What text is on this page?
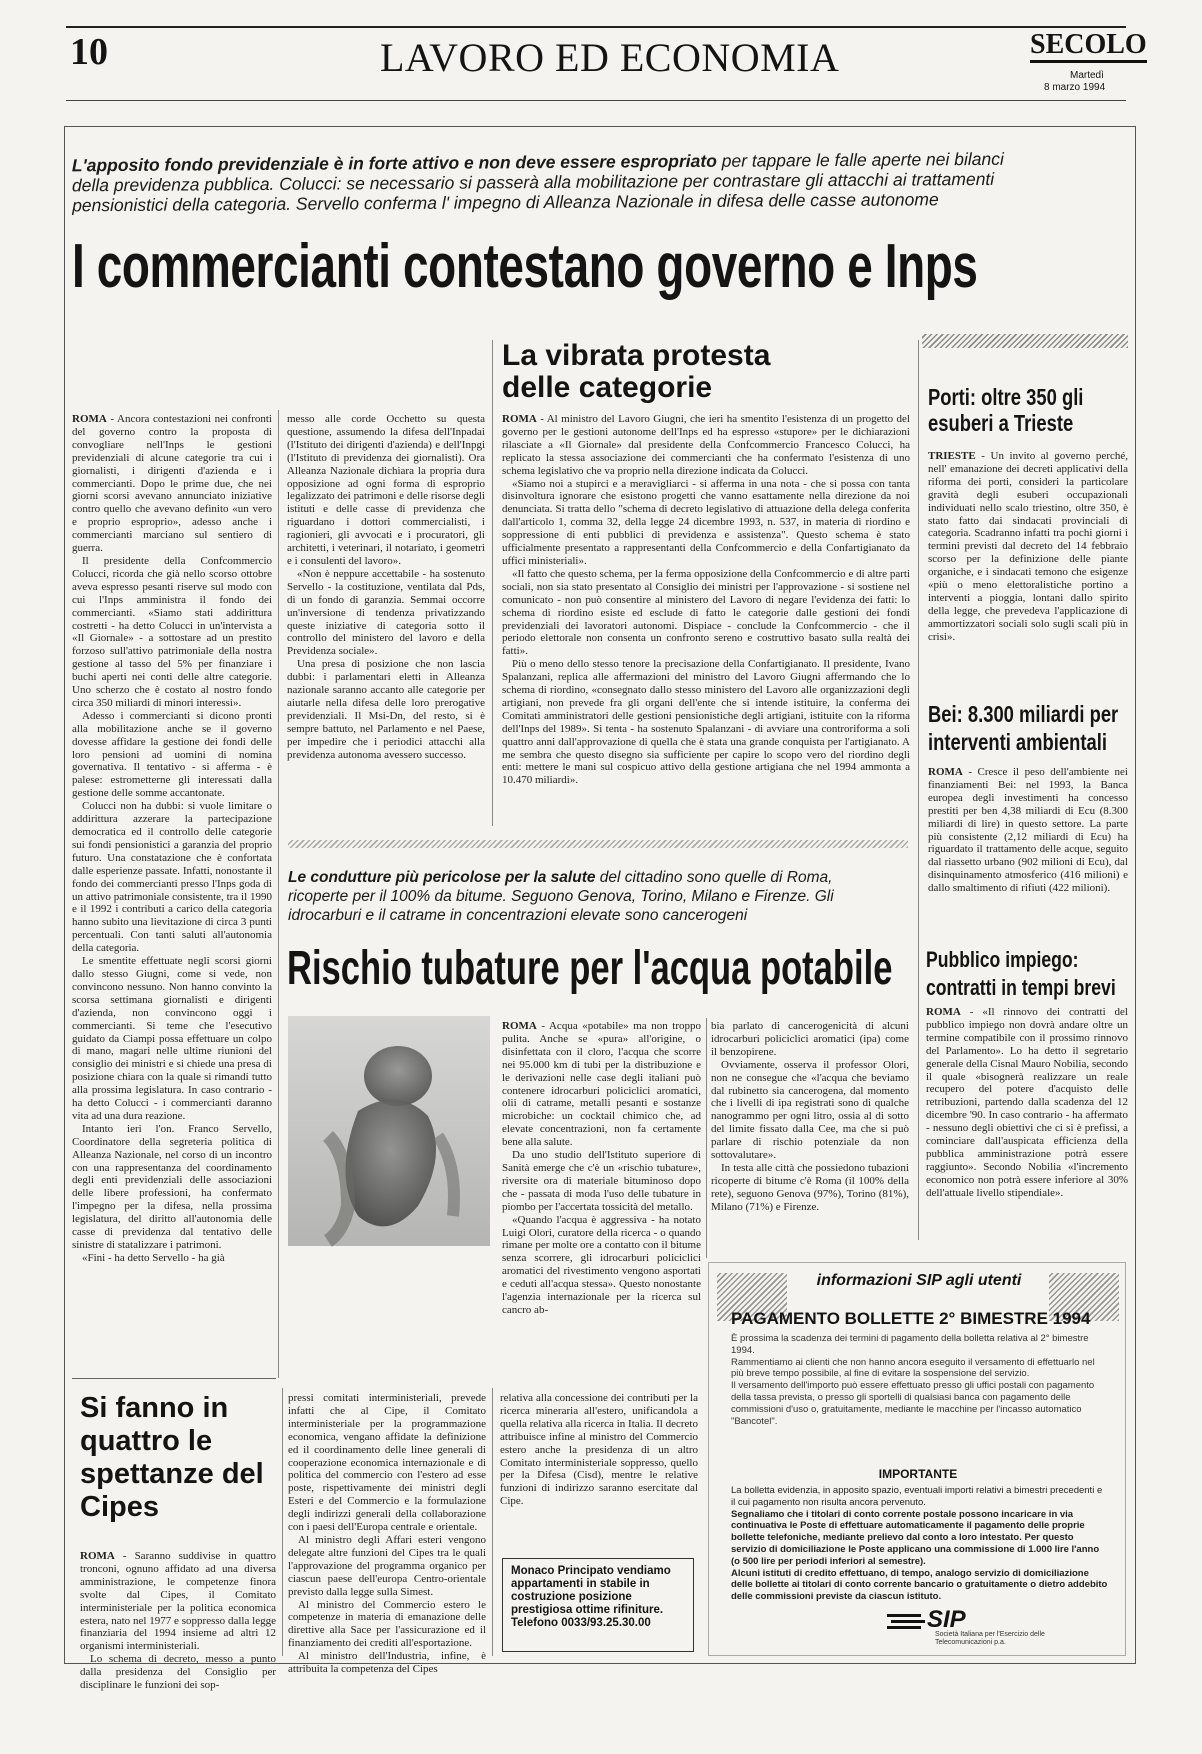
10	LAVORO ED ECONOMIA	SECOLO
Martedì
8 marzo 1994
L'apposito fondo previdenziale è in forte attivo e non deve essere espropriato per tappare le falle aperte nei bilanci della previdenza pubblica. Colucci: se necessario si passerà alla mobilitazione per contrastare gli attacchi ai trattamenti pensionistici della categoria. Servello conferma l' impegno di Alleanza Nazionale in difesa delle casse autonome
I commercianti contestano governo e Inps

ROMA - Ancora contestazioni nei confronti del governo contro la proposta di convogliare nell'Inps le gestioni previdenziali di alcune categorie tra cui i giornalisti, i dirigenti d'azienda e i commercianti. Dopo le prime due, che nei giorni scorsi avevano annunciato iniziative contro quello che avevano definito «un vero e proprio esproprio», adesso anche i commercianti marciano sul sentiero di guerra.

Il presidente della Confcommercio Colucci, ricorda che già nello scorso ottobre aveva espresso pesanti riserve sul modo con cui l'Inps amministra il fondo dei commercianti. «Siamo stati addirittura costretti - ha detto Colucci in un'intervista a «Il Giornale» - a sottostare ad un prestito forzoso sull'attivo patrimoniale della nostra gestione al tasso del 5% per finanziare i buchi aperti nei conti delle altre categorie. Uno scherzo che è costato al nostro fondo circa 350 miliardi di minori interessi».

Adesso i commercianti si dicono pronti alla mobilitazione anche se il governo dovesse affidare la gestione dei fondi delle loro pensioni ad uomini di nomina governativa. Il tentativo - si afferma - è palese: estrometterne gli interessati dalla gestione delle somme accantonate.

Colucci non ha dubbi: si vuole limitare o addirittura azzerare la partecipazione democratica ed il controllo delle categorie sui fondi pensionistici a garanzia del proprio futuro. Una constatazione che è confortata dalle esperienze passate. Infatti, nonostante il fondo dei commercianti presso l'Inps goda di un attivo patrimoniale consistente, tra il 1990 e il 1992 i contributi a carico della categoria hanno subito una lievitazione di circa 3 punti percentuali. Con tanti saluti all'autonomia della categoria.

Le smentite effettuate negli scorsi giorni dallo stesso Giugni, come si vede, non convincono nessuno. Non hanno convinto la scorsa settimana giornalisti e dirigenti d'azienda, non convincono oggi i commercianti. Si teme che l'esecutivo guidato da Ciampi possa effettuare un colpo di mano, magari nelle ultime riunioni del consiglio dei ministri e si chiede una presa di posizione chiara con la quale si rimandi tutto alla prossima legislatura. In caso contrario - ha detto Colucci - i commercianti daranno vita ad una dura reazione.

Intanto ieri l'on. Franco Servello, Coordinatore della segreteria politica di Alleanza Nazionale, nel corso di un incontro con una rappresentanza del coordinamento degli enti previdenziali delle associazioni delle libere professioni, ha confermato l'impegno per la difesa, nella prossima legislatura, del diritto all'autonomia delle casse di previdenza dal tentativo delle sinistre di statalizzare i patrimoni.

«Fini - ha detto Servello - ha già

messo alle corde Occhetto su questa questione, assumendo la difesa dell'Inpadai (l'Istituto dei dirigenti d'azienda) e dell'Inpgi (l'Istituto di previdenza dei giornalisti). Ora Alleanza Nazionale dichiara la propria dura opposizione ad ogni forma di esproprio legalizzato dei patrimoni e delle risorse degli istituti e delle casse di previdenza che riguardano i dottori commercialisti, i ragionieri, gli avvocati e i procuratori, gli architetti, i veterinari, il notariato, i geometri e i consulenti del lavoro».

«Non è neppure accettabile - ha sostenuto Servello - la costituzione, ventilata dal Pds, di un fondo di garanzia. Semmai occorre un'inversione di tendenza privatizzando queste iniziative di categoria sotto il controllo del ministero del lavoro e della Previdenza sociale».

Una presa di posizione che non lascia dubbi: i parlamentari eletti in Alleanza nazionale saranno accanto alle categorie per aiutarle nella difesa delle loro prerogative previdenziali. Il Msi-Dn, del resto, si è sempre battuto, nel Parlamento e nel Paese, per impedire che i periodici attacchi alla previdenza autonoma avessero successo.

La vibrata protesta delle categorie

ROMA - Al ministro del Lavoro Giugni, che ieri ha smentito l'esistenza di un progetto del governo per le gestioni autonome dell'Inps ed ha espresso «stupore» per le dichiarazioni rilasciate a «Il Giornale» dal presidente della Confcommercio Francesco Colucci, ha replicato la stessa associazione dei commercianti che ha confermato l'esistenza di uno schema legislativo che va proprio nella direzione indicata da Colucci.

«Siamo noi a stupirci e a meravigliarci - si afferma in una nota - che si possa con tanta disinvoltura ignorare che esistono progetti che vanno esattamente nella direzione da noi denunciata. Si tratta dello "schema di decreto legislativo di attuazione della delega conferita dall'articolo 1, comma 32, della legge 24 dicembre 1993, n. 537, in materia di riordino e soppressione di enti pubblici di previdenza e assistenza". Questo schema è stato ufficialmente presentato a rappresentanti della Confcommercio e della Confartigianato da uffici ministeriali».

«Il fatto che questo schema, per la ferma opposizione della Confcommercio e di altre parti sociali, non sia stato presentato al Consiglio dei ministri per l'approvazione - si sostiene nel comunicato - non può consentire al ministero del Lavoro di negare l'evidenza dei fatti: lo schema di riordino esiste ed esclude di fatto le categorie dalle gestioni dei fondi previdenziali dei lavoratori autonomi. Dispiace - conclude la Confcommercio - che il periodo elettorale non consenta un confronto sereno e costruttivo basato sulla realtà dei fatti».

Più o meno dello stesso tenore la precisazione della Confartigianato. Il presidente, Ivano Spalanzani, replica alle affermazioni del ministro del Lavoro Giugni affermando che lo schema di riordino, «consegnato dallo stesso ministero del Lavoro alle organizzazioni degli artigiani, non prevede fra gli organi dell'ente che si intende istituire, la conferma dei Comitati amministratori delle gestioni pensionistiche degli artigiani, istituite con la riforma dell'Inps del 1989». Si tenta - ha sostenuto Spalanzani - di avviare una controriforma a soli quattro anni dall'approvazione di quella che è stata una grande conquista per l'artigianato. A me sembra che questo disegno sia sufficiente per capire lo scopo vero del riordino degli enti: mettere le mani sul cospicuo attivo della gestione artigiana che nel 1994 ammonta a 10.470 miliardi».

Porti: oltre 350 gli esuberi a Trieste

TRIESTE - Un invito al governo perché, nell' emanazione dei decreti applicativi della riforma dei porti, consideri la particolare gravità degli esuberi occupazionali individuati nello scalo triestino, oltre 350, è stato fatto dai sindacati provinciali di categoria. Scadranno infatti tra pochi giorni i termini previsti dal decreto del 14 febbraio scorso per la definizione delle piante organiche, e i sindacati temono che esigenze «più o meno elettoralistiche portino a interventi a pioggia, lontani dallo spirito della legge, che prevedeva l'applicazione di ammortizzatori sociali solo sugli scali più in crisi».

Bei: 8.300 miliardi per interventi ambientali

ROMA - Cresce il peso dell'ambiente nei finanziamenti Bei: nel 1993, la Banca europea degli investimenti ha concesso prestiti per ben 4,38 miliardi di Ecu (8.300 miliardi di lire) in questo settore. La parte più consistente (2,12 miliardi di Ecu) ha riguardato il trattamento delle acque, seguito dal riassetto urbano (902 milioni di Ecu), dal disinquinamento atmosferico (416 milioni) e dallo smaltimento di rifiuti (422 milioni).

Pubblico impiego: contratti in tempi brevi

ROMA - «Il rinnovo dei contratti del pubblico impiego non dovrà andare oltre un termine compatibile con il prossimo rinnovo del Parlamento». Lo ha detto il segretario generale della Cisnal Mauro Nobilia, secondo il quale «bisognerà realizzare un reale recupero del potere d'acquisto delle retribuzioni, partendo dalla scadenza del 12 dicembre '90. In caso contrario - ha affermato - nessuno degli obiettivi che ci si è prefissi, a cominciare dall'auspicata efficienza della pubblica amministrazione potrà essere raggiunto». Secondo Nobilia «l'incremento economico non potrà essere inferiore al 30% dell'attuale livello stipendiale».

Le condutture più pericolose per la salute del cittadino sono quelle di Roma, ricoperte per il 100% da bitume. Seguono Genova, Torino, Milano e Firenze. Gli idrocarburi e il catrame in concentrazioni elevate sono cancerogeni
Rischio tubature per l'acqua potabile

ROMA - Acqua «potabile» ma non troppo pulita. Anche se «pura» all'origine, o disinfettata con il cloro, l'acqua che scorre nei 95.000 km di tubi per la distribuzione e le derivazioni nelle case degli italiani può contenere idrocarburi policiclici aromatici, olii di catrame, metalli pesanti e sostanze microbiche: un cocktail chimico che, ad elevate concentrazioni, non fa certamente bene alla salute.

Da uno studio dell'Istituto superiore di Sanità emerge che c'è un «rischio tubature», riversite ora di materiale bituminoso dopo che - passata di moda l'uso delle tubature in piombo per l'accertata tossicità del metallo.

«Quando l'acqua è aggressiva - ha notato Luigi Olori, curatore della ricerca - o quando rimane per molte ore a contatto con il bitume senza scorrere, gli idrocarburi policiclici aromatici del rivestimento vengono asportati e ceduti all'acqua stessa». Questo nonostante l'agenzia internazionale per la ricerca sul cancro ab-

bia parlato di cancerogenicità di alcuni idrocarburi policiclici aromatici (ipa) come il benzopirene.

Ovviamente, osserva il professor Olori, non ne consegue che «l'acqua che beviamo dal rubinetto sia cancerogena, dal momento che i livelli di ipa registrati sono di qualche nanogrammo per ogni litro, ossia al di sotto del limite fissato dalla Cee, ma che si può parlare di rischio potenziale da non sottovalutare».

In testa alle città che possiedono tubazioni ricoperte di bitume c'è Roma (il 100% della rete), seguono Genova (97%), Torino (81%), Milano (71%) e Firenze.

informazioni SIP agli utenti
PAGAMENTO BOLLETTE 2° BIMESTRE 1994
È prossima la scadenza dei termini di pagamento della bolletta relativa al 2° bimestre 1994.
Rammentiamo ai clienti che non hanno ancora eseguito il versamento di effettuarlo nel più breve tempo possibile, al fine di evitare la sospensione del servizio.
Il versamento dell'importo può essere effettuato presso gli uffici postali con pagamento della tassa prevista, o presso gli sportelli di qualsiasi banca con pagamento delle commissioni d'uso o, gratuitamente, mediante le macchine per l'incasso automatico "Bancotel".
IMPORTANTE
La bolletta evidenzia, in apposito spazio, eventuali importi relativi a bimestri precedenti e il cui pagamento non risulta ancora pervenuto.
Segnaliamo che i titolari di conto corrente postale possono incaricare in via continuativa le Poste di effettuare automaticamente il pagamento delle proprie bollette telefoniche, mediante prelievo dal conto a loro intestato. Per questo servizio di domiciliazione le Poste applicano una commissione di 1.000 lire l'anno (o 500 lire per periodi inferiori al semestre).
Alcuni istituti di credito effettuano, di tempo, analogo servizio di domiciliazione delle bollette ai titolari di conto corrente bancario o gratuitamente o dietro addebito delle commissioni previste da ciascun istituto.
SIP
Società Italiana per l'Esercizio delle Telecomunicazioni p.a.
Si fanno in quattro le spettanze del Cipes

ROMA - Saranno suddivise in quattro tronconi, ognuno affidato ad una diversa amministrazione, le competenze finora svolte dal Cipes, il Comitato interministeriale per la politica economica estera, nato nel 1977 e soppresso dalla legge finanziaria del 1994 insieme ad altri 12 organismi interministeriali.

Lo schema di decreto, messo a punto dalla presidenza del Consiglio per disciplinare le funzioni dei sop-

pressi comitati interministeriali, prevede infatti che al Cipe, il Comitato interministeriale per la programmazione economica, vengano affidate la definizione ed il coordinamento delle linee generali di cooperazione economica internazionale e di politica del commercio con l'estero ad esse poste, rispettivamente dei ministri degli Esteri e del Commercio e la formulazione degli indirizzi generali della collaborazione con i paesi dell'Europa centrale e orientale.

Al ministro degli Affari esteri vengono delegate altre funzioni del Cipes tra le quali l'approvazione del programma organico per ciascun paese dell'europa Centro-orientale previsto dalla legge sulla Simest.

Al ministro del Commercio estero le competenze in materia di emanazione delle direttive alla Sace per l'assicurazione ed il finanziamento dei crediti all'esportazione.

Al ministro dell'Industria, infine, è attribuita la competenza del Cipes

relativa alla concessione dei contributi per la ricerca mineraria all'estero, unificandola a quella relativa alla ricerca in Italia. Il decreto attribuisce infine al ministro del Commercio estero anche la presidenza di un altro Comitato interministeriale soppresso, quello per la Difesa (Cisd), mentre le relative funzioni di indirizzo saranno esercitate dal Cipe.

Monaco Principato vendiamo appartamenti in stabile in costruzione posizione prestigiosa ottime rifiniture. Telefono 0033/93.25.30.00
